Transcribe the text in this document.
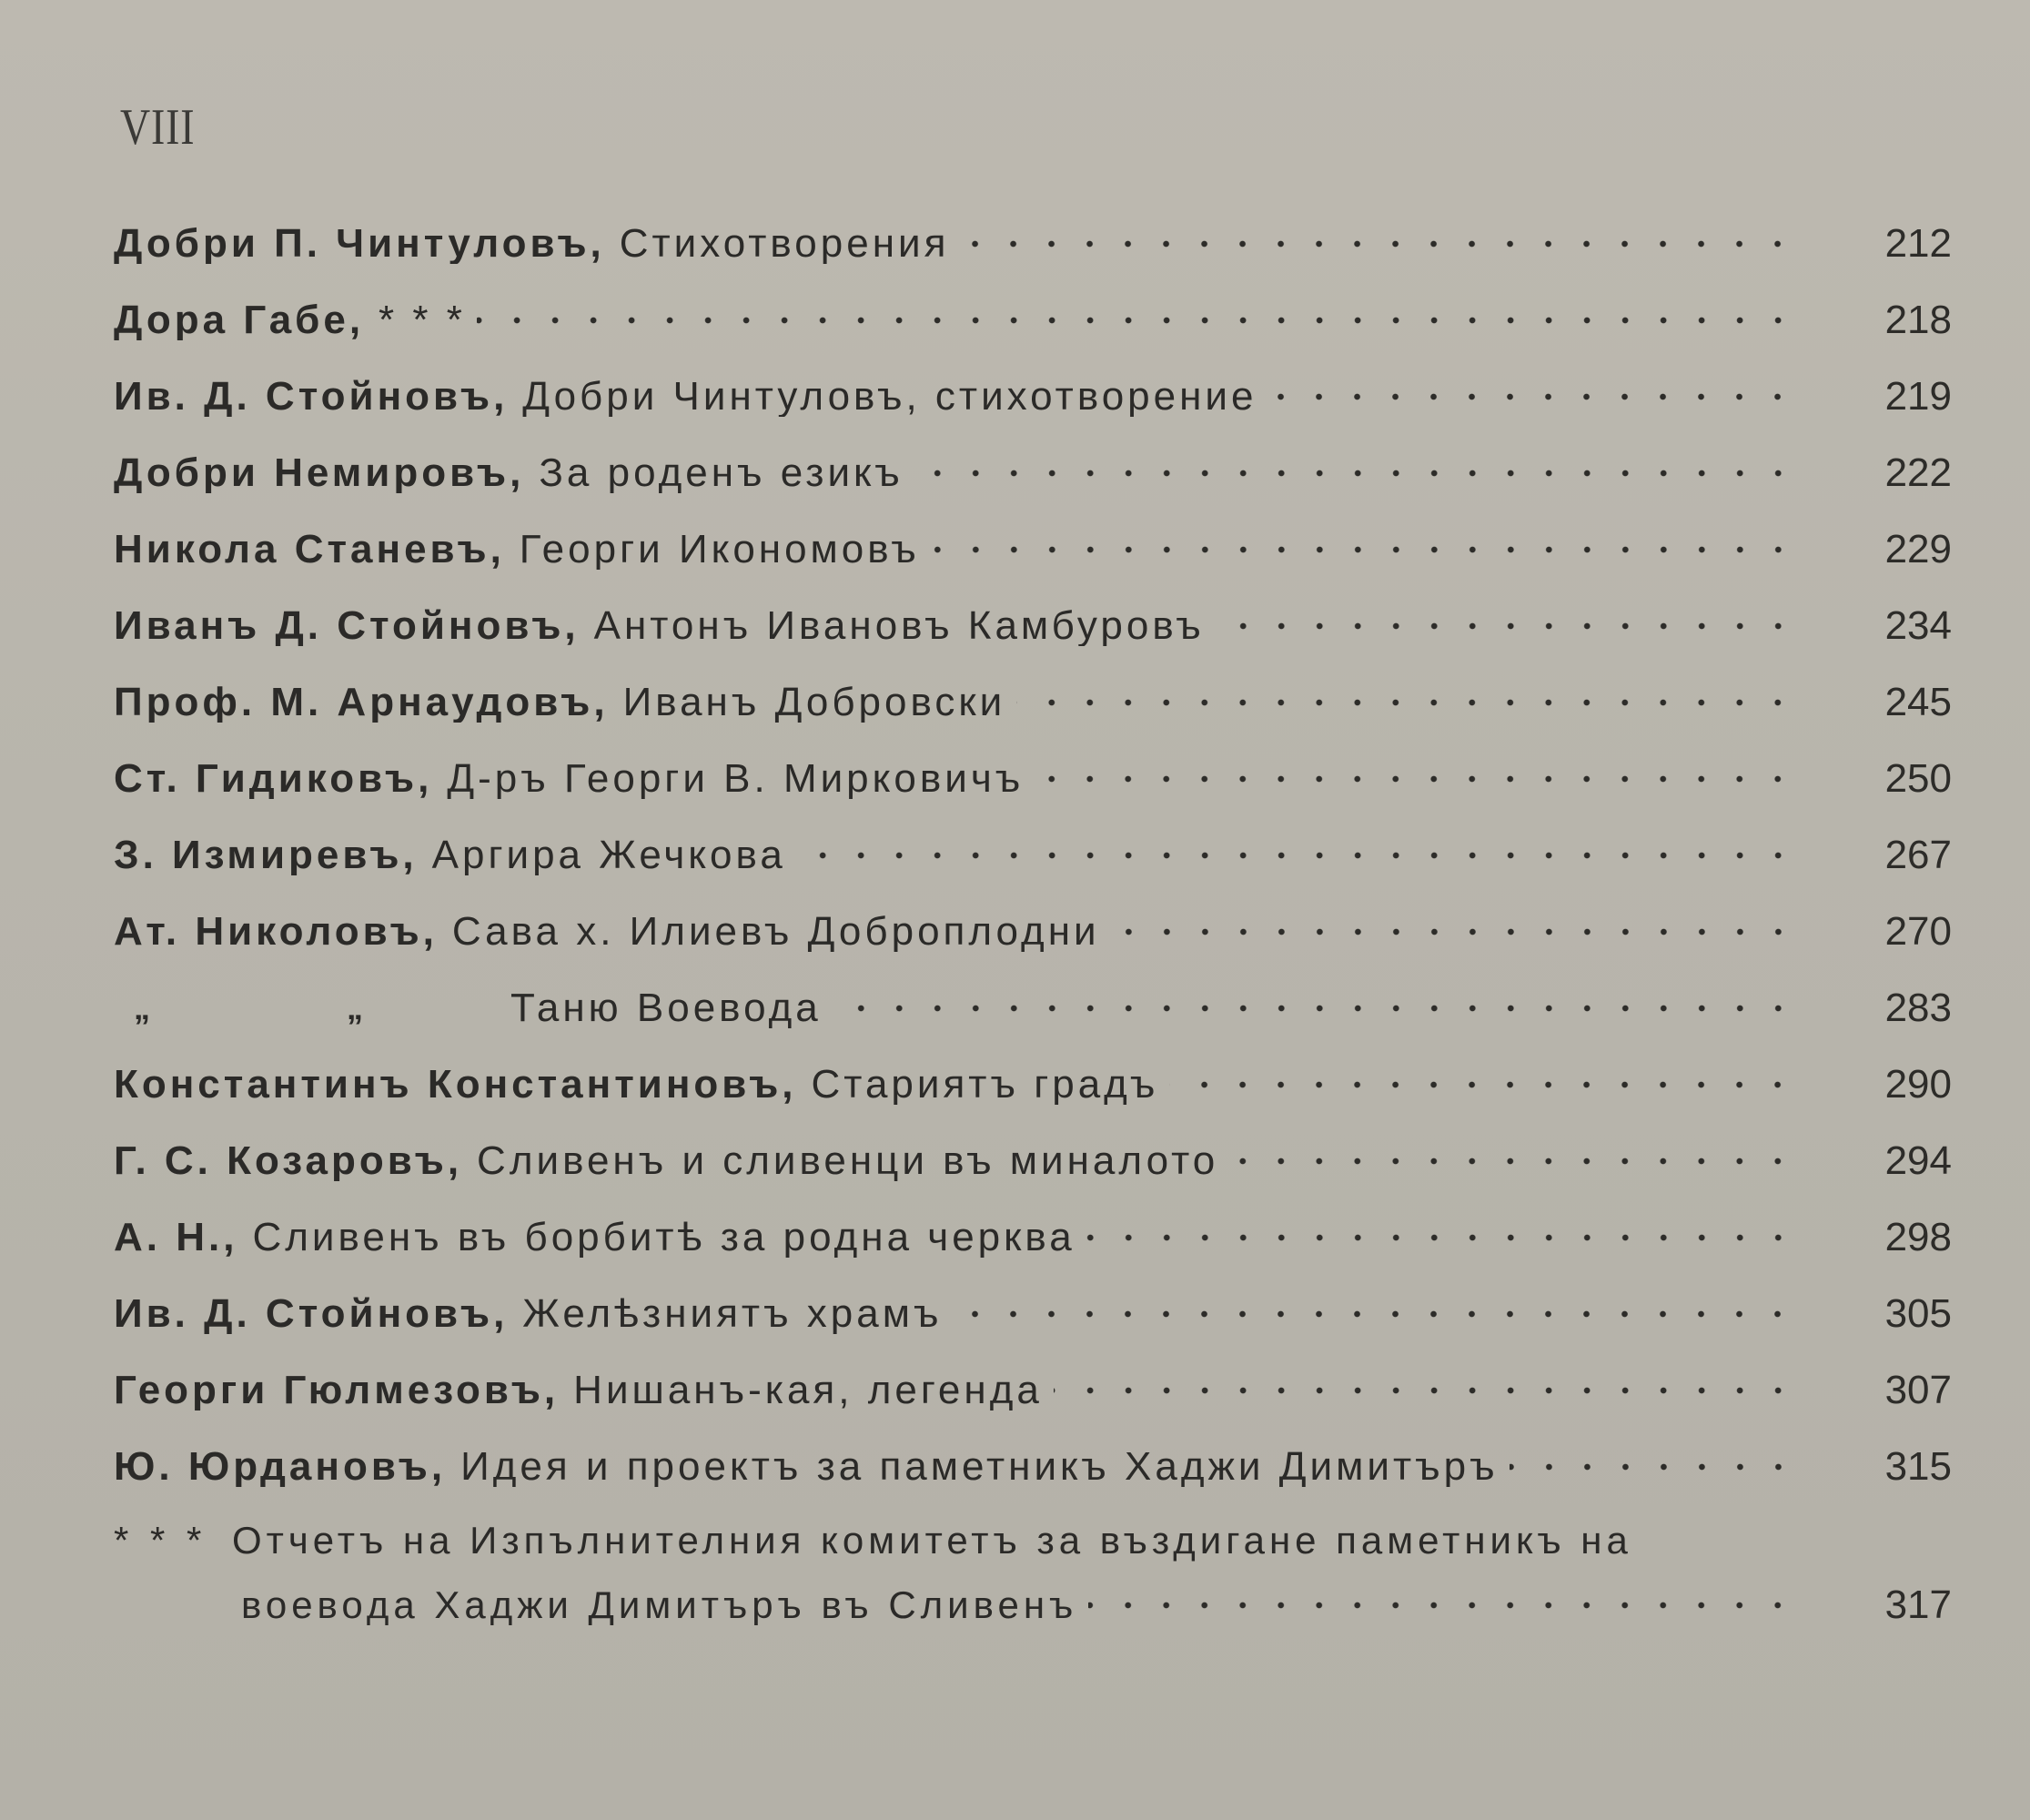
VIII
Добри П. Чинтуловъ, Стихотворения	212
Дора Габе, * * *	218
Ив. Д. Стойновъ, Добри Чинтуловъ, стихотворение	219
Добри Немировъ, За роденъ езикъ	222
Никола Станевъ, Георги Икономовъ	229
Иванъ Д. Стойновъ, Антонъ Ивановъ Камбуровъ	234
Проф. М. Арнаудовъ, Иванъ Добровски	245
Ст. Гидиковъ, Д-ръ Георги В. Мирковичъ	250
З. Измиревъ, Аргира Жечкова	267
Ат. Николовъ, Сава х. Илиевъ Доброплодни	270
„	„	Таню Воевода	283
Константинъ Константиновъ, Стариятъ градъ	290
Г. С. Козаровъ, Сливенъ и сливенци въ миналото	294
А. Н., Сливенъ въ борбитѣ за родна черква	298
Ив. Д. Стойновъ, Желѣзниятъ храмъ	305
Георги Гюлмезовъ, Нишанъ-кая, легенда	307
Ю. Юрдановъ, Идея и проектъ за паметникъ Хаджи Димитъръ	315
* * * Отчетъ на Изпълнителния комитетъ за въздигане паметникъ на
воевода Хаджи Димитъръ въ Сливенъ	317
